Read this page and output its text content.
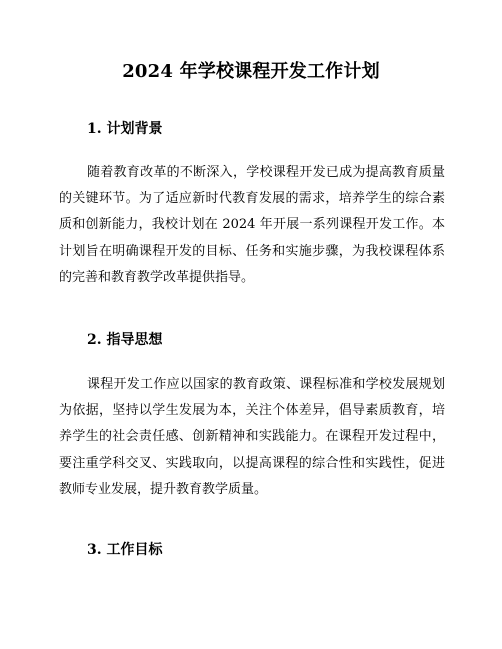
2024 年学校课程开发工作计划
1. 计划背景

随着教育改革的不断深入，学校课程开发已成为提高教育质量的关键环节。为了适应新时代教育发展的需求，培养学生的综合素质和创新能力，我校计划在 2024 年开展一系列课程开发工作。本计划旨在明确课程开发的目标、任务和实施步骤，为我校课程体系的完善和教育教学改革提供指导。

2. 指导思想

课程开发工作应以国家的教育政策、课程标准和学校发展规划为依据，坚持以学生发展为本，关注个体差异，倡导素质教育，培养学生的社会责任感、创新精神和实践能力。在课程开发过程中，要注重学科交叉、实践取向，以提高课程的综合性和实践性，促进教师专业发展，提升教育教学质量。

3. 工作目标
